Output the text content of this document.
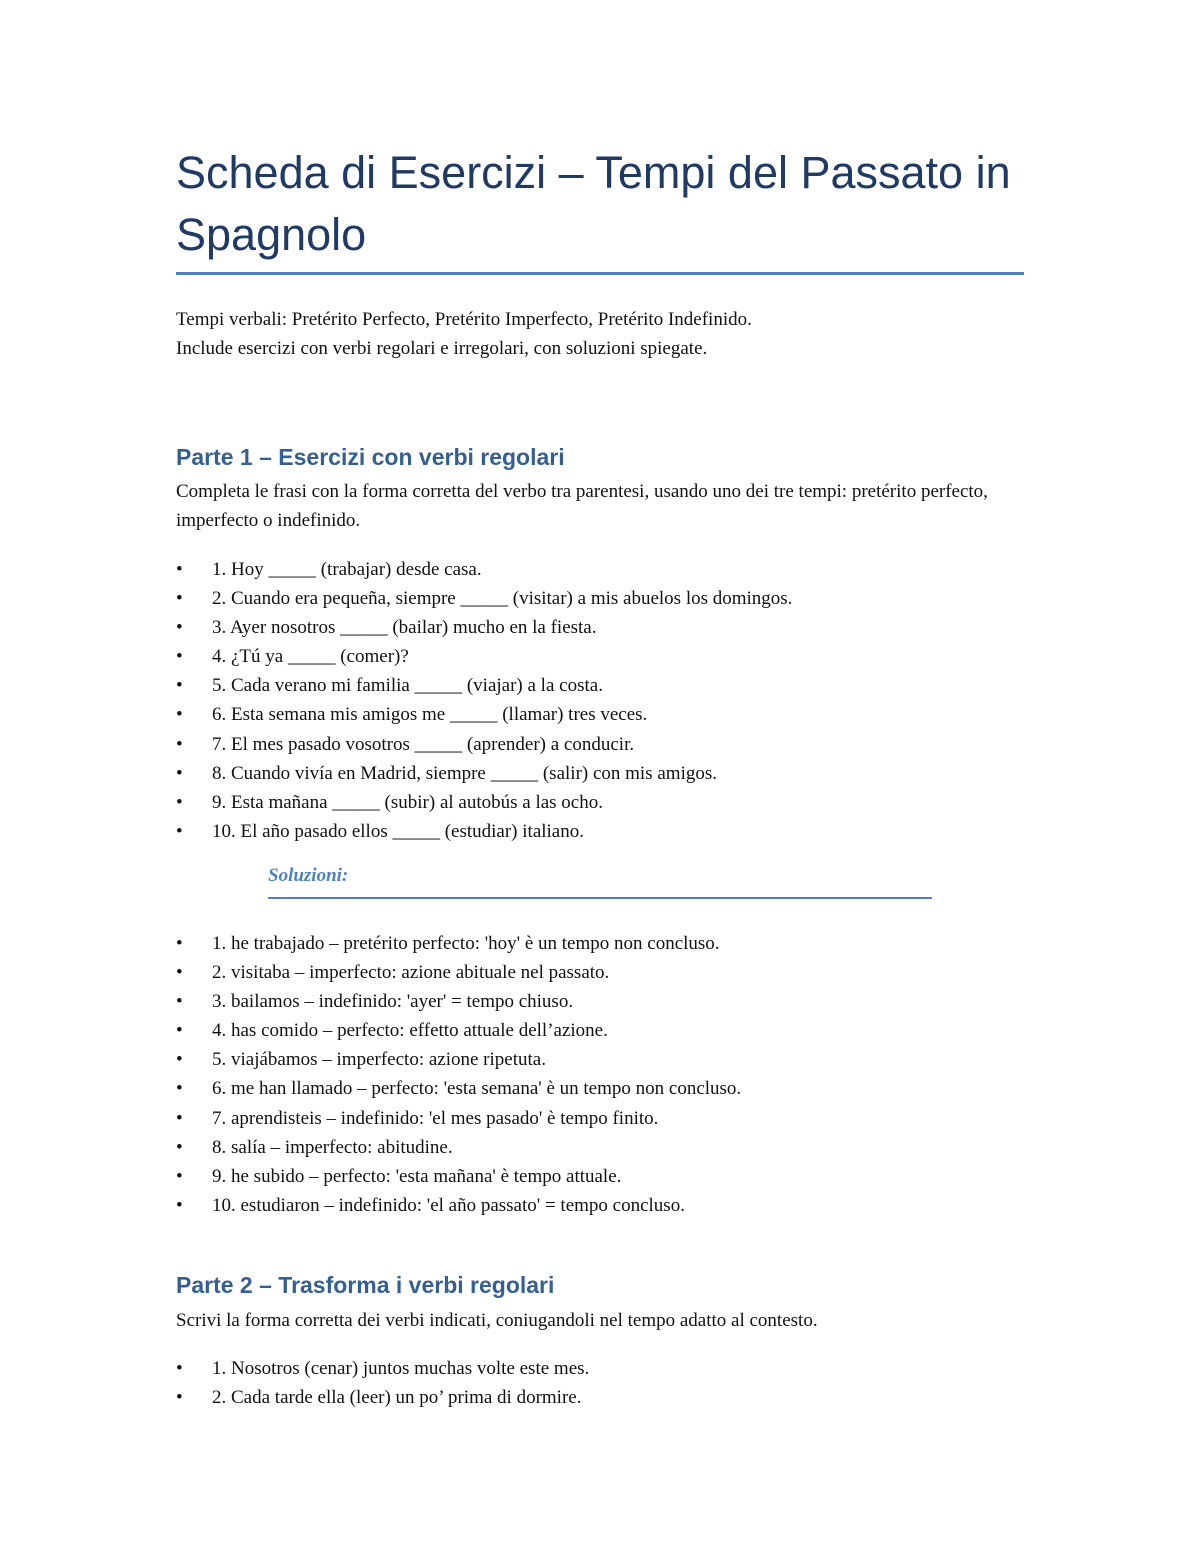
Scheda di Esercizi – Tempi del Passato in Spagnolo
Tempi verbali: Pretérito Perfecto, Pretérito Imperfecto, Pretérito Indefinido.
Include esercizi con verbi regolari e irregolari, con soluzioni spiegate.
Parte 1 – Esercizi con verbi regolari
Completa le frasi con la forma corretta del verbo tra parentesi, usando uno dei tre tempi: pretérito perfecto, imperfecto o indefinido.
• 1. Hoy _____ (trabajar) desde casa.
• 2. Cuando era pequeña, siempre _____ (visitar) a mis abuelos los domingos.
• 3. Ayer nosotros _____ (bailar) mucho en la fiesta.
• 4. ¿Tú ya _____ (comer)?
• 5. Cada verano mi familia _____ (viajar) a la costa.
• 6. Esta semana mis amigos me _____ (llamar) tres veces.
• 7. El mes pasado vosotros _____ (aprender) a conducir.
• 8. Cuando vivía en Madrid, siempre _____ (salir) con mis amigos.
• 9. Esta mañana _____ (subir) al autobús a las ocho.
• 10. El año pasado ellos _____ (estudiar) italiano.
Soluzioni:
• 1. he trabajado – pretérito perfecto: 'hoy' è un tempo non concluso.
• 2. visitaba – imperfecto: azione abituale nel passato.
• 3. bailamos – indefinido: 'ayer' = tempo chiuso.
• 4. has comido – perfecto: effetto attuale dell’azione.
• 5. viajábamos – imperfecto: azione ripetuta.
• 6. me han llamado – perfecto: 'esta semana' è un tempo non concluso.
• 7. aprendisteis – indefinido: 'el mes pasado' è tempo finito.
• 8. salía – imperfecto: abitudine.
• 9. he subido – perfecto: 'esta mañana' è tempo attuale.
• 10. estudiaron – indefinido: 'el año passato' = tempo concluso.
Parte 2 – Trasforma i verbi regolari
Scrivi la forma corretta dei verbi indicati, coniugandoli nel tempo adatto al contesto.
• 1. Nosotros (cenar) juntos muchas volte este mes.
• 2. Cada tarde ella (leer) un po’ prima di dormire.
